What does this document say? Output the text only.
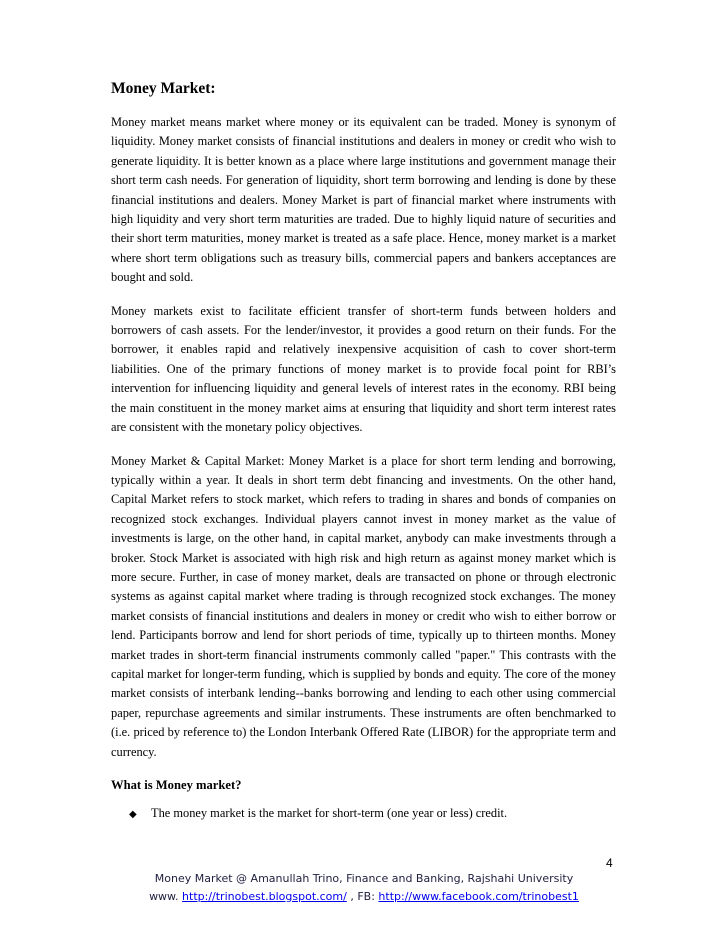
Money Market:

Money market means market where money or its equivalent can be traded. Money is synonym of liquidity. Money market consists of financial institutions and dealers in money or credit who wish to generate liquidity. It is better known as a place where large institutions and government manage their short term cash needs. For generation of liquidity, short term borrowing and lending is done by these financial institutions and dealers. Money Market is part of financial market where instruments with high liquidity and very short term maturities are traded. Due to highly liquid nature of securities and their short term maturities, money market is treated as a safe place. Hence, money market is a market where short term obligations such as treasury bills, commercial papers and bankers acceptances are bought and sold.

Money markets exist to facilitate efficient transfer of short-term funds between holders and borrowers of cash assets. For the lender/investor, it provides a good return on their funds. For the borrower, it enables rapid and relatively inexpensive acquisition of cash to cover short-term liabilities. One of the primary functions of money market is to provide focal point for RBI’s intervention for influencing liquidity and general levels of interest rates in the economy. RBI being the main constituent in the money market aims at ensuring that liquidity and short term interest rates are consistent with the monetary policy objectives.

Money Market & Capital Market: Money Market is a place for short term lending and borrowing, typically within a year. It deals in short term debt financing and investments. On the other hand, Capital Market refers to stock market, which refers to trading in shares and bonds of companies on recognized stock exchanges. Individual players cannot invest in money market as the value of investments is large, on the other hand, in capital market, anybody can make investments through a broker. Stock Market is associated with high risk and high return as against money market which is more secure. Further, in case of money market, deals are transacted on phone or through electronic systems as against capital market where trading is through recognized stock exchanges. The money market consists of financial institutions and dealers in money or credit who wish to either borrow or lend. Participants borrow and lend for short periods of time, typically up to thirteen months. Money market trades in short-term financial instruments commonly called "paper." This contrasts with the capital market for longer-term funding, which is supplied by bonds and equity. The core of the money market consists of interbank lending--banks borrowing and lending to each other using commercial paper, repurchase agreements and similar instruments. These instruments are often benchmarked to (i.e. priced by reference to) the London Interbank Offered Rate (LIBOR) for the appropriate term and currency.

What is Money market?
◆	The money market is the market for short-term (one year or less) credit.
4
Money Market @ Amanullah Trino, Finance and Banking, Rajshahi University
www. http://trinobest.blogspot.com/ , FB: http://www.facebook.com/trinobest1
